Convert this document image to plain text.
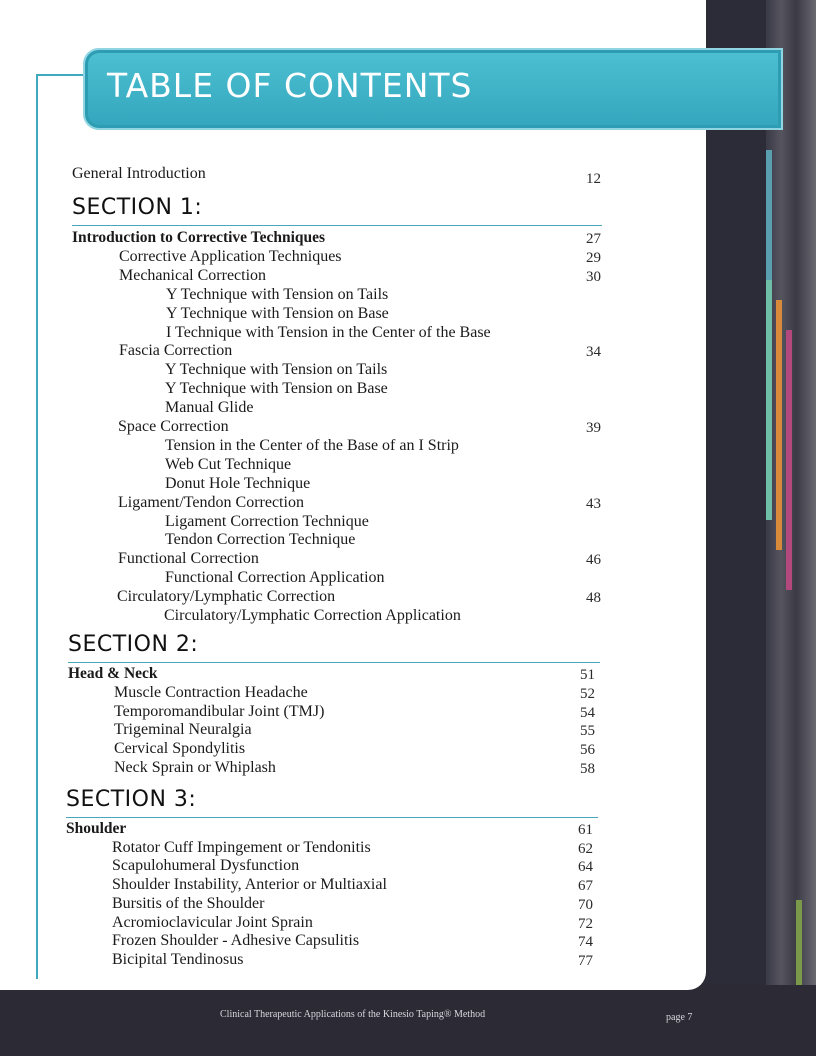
TABLE OF CONTENTS
General Introduction	12
SECTION 1:
Introduction to Corrective Techniques	27
Corrective Application Techniques	29
Mechanical Correction	30
Y Technique with Tension on Tails
Y Technique with Tension on Base
I Technique with Tension in the Center of the Base
Fascia Correction	34
Y Technique with Tension on Tails
Y Technique with Tension on Base
Manual Glide
Space Correction	39
Tension in the Center of the Base of an I Strip
Web Cut Technique
Donut Hole Technique
Ligament/Tendon Correction	43
Ligament Correction Technique
Tendon Correction Technique
Functional Correction	46
Functional Correction Application
Circulatory/Lymphatic Correction	48
Circulatory/Lymphatic Correction Application
SECTION 2:
Head & Neck	51
Muscle Contraction Headache	52
Temporomandibular Joint (TMJ)	54
Trigeminal Neuralgia	55
Cervical Spondylitis	56
Neck Sprain or Whiplash	58
SECTION 3:
Shoulder	61
Rotator Cuff Impingement or Tendonitis	62
Scapulohumeral Dysfunction	64
Shoulder Instability, Anterior or Multiaxial	67
Bursitis of the Shoulder	70
Acromioclavicular Joint Sprain	72
Frozen Shoulder - Adhesive Capsulitis	74
Bicipital Tendinosus	77
Clinical Therapeutic Applications of the Kinesio Taping® Method	page 7
